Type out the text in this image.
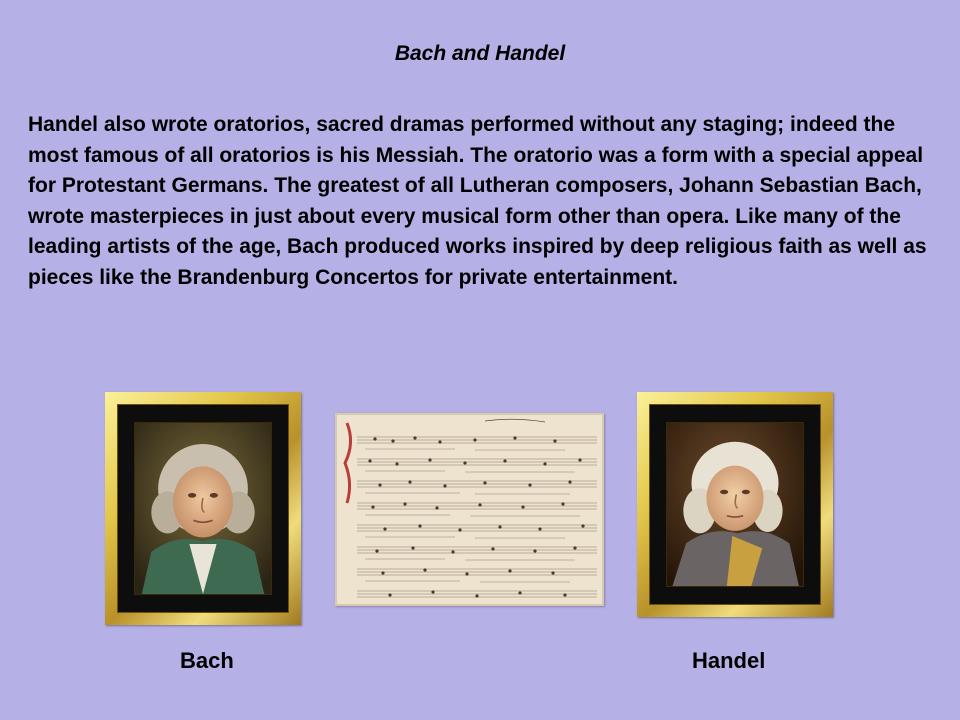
Bach and Handel

Handel also wrote oratorios, sacred dramas performed without any staging; indeed the most famous of all oratorios is his Messiah. The oratorio was a form with a special appeal for Protestant Germans. The greatest of all Lutheran composers, Johann Sebastian Bach, wrote masterpieces in just about every musical form other than opera. Like many of the leading artists of the age, Bach produced works inspired by deep religious faith as well as pieces like the Brandenburg Concertos for private entertainment.

Bach	Handel
